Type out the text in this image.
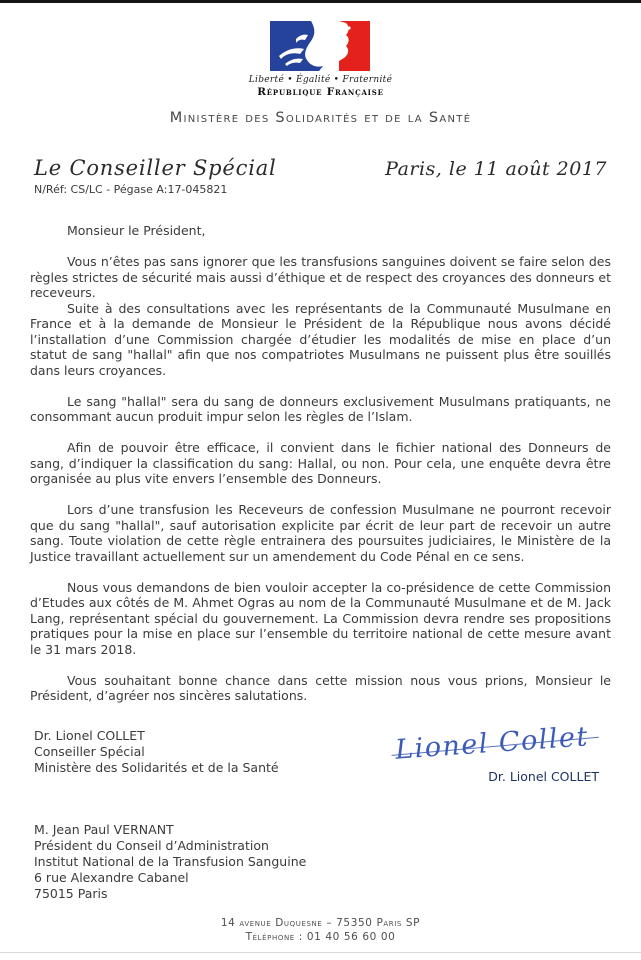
Liberté • Égalité • Fraternité
République Française
Ministère des Solidarités et de la Santé
Le Conseiller Spécial	Paris, le 11 août 2017
N/Réf: CS/LC - Pégase A:17-045821

Monsieur le Président,

Vous n’êtes pas sans ignorer que les transfusions sanguines doivent se faire selon des règles strictes de sécurité mais aussi d’éthique et de respect des croyances des donneurs et receveurs.

Suite à des consultations avec les représentants de la Communauté Musulmane en France et à la demande de Monsieur le Président de la République nous avons décidé l’installation d’une Commission chargée d’étudier les modalités de mise en place d’un statut de sang "hallal" afin que nos compatriotes Musulmans ne puissent plus être souillés dans leurs croyances.

Le sang "hallal" sera du sang de donneurs exclusivement Musulmans pratiquants, ne consommant aucun produit impur selon les règles de l’Islam.

Afin de pouvoir être efficace, il convient dans le fichier national des Donneurs de sang, d’indiquer la classification du sang: Hallal, ou non. Pour cela, une enquête devra être organisée au plus vite envers l’ensemble des Donneurs.

Lors d’une transfusion les Receveurs de confession Musulmane ne pourront recevoir que du sang "hallal", sauf autorisation explicite par écrit de leur part de recevoir un autre sang. Toute violation de cette règle entrainera des poursuites judiciaires, le Ministère de la Justice travaillant actuellement sur un amendement du Code Pénal en ce sens.

Nous vous demandons de bien vouloir accepter la co-présidence de cette Commission d’Etudes aux côtés de M. Ahmet Ogras au nom de la Communauté Musulmane et de M. Jack Lang, représentant spécial du gouvernement. La Commission devra rendre ses propositions pratiques pour la mise en place sur l’ensemble du territoire national de cette mesure avant le 31 mars 2018.

Vous souhaitant bonne chance dans cette mission nous vous prions, Monsieur le Président, d’agréer nos sincères salutations.

Dr. Lionel COLLET
Conseiller Spécial
Ministère des Solidarités et de la Santé
Lionel Collet
Dr. Lionel COLLET
M. Jean Paul VERNANT
Président du Conseil d’Administration
Institut National de la Transfusion Sanguine
6 rue Alexandre Cabanel
75015 Paris
14 avenue Duquesne – 75350 Paris SP
Téléphone : 01 40 56 60 00
